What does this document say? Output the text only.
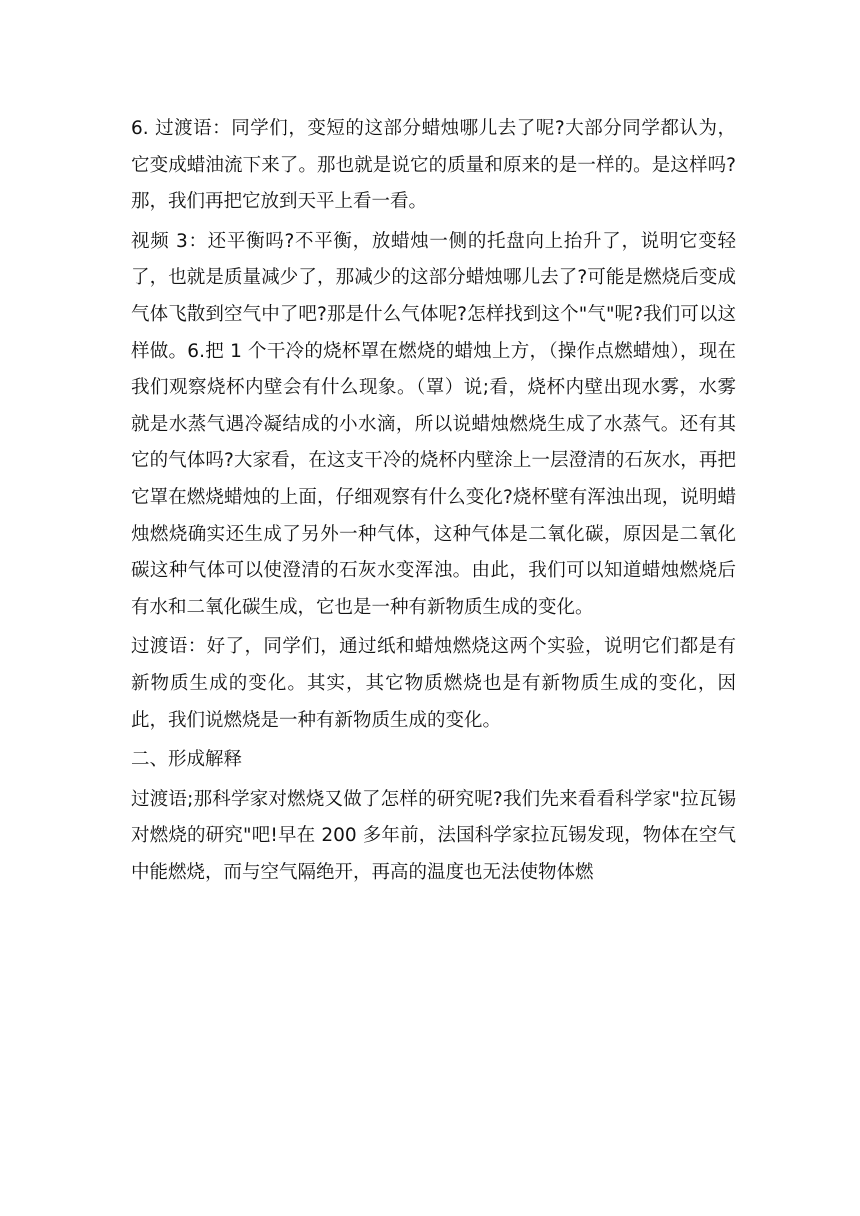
6. 过渡语：同学们，变短的这部分蜡烛哪儿去了呢?大部分同学都认为，它变成蜡油流下来了。那也就是说它的质量和原来的是一样的。是这样吗?那，我们再把它放到天平上看一看。

视频 3：还平衡吗?不平衡，放蜡烛一侧的托盘向上抬升了，说明它变轻了，也就是质量减少了，那减少的这部分蜡烛哪儿去了?可能是燃烧后变成气体飞散到空气中了吧?那是什么气体呢?怎样找到这个"气"呢?我们可以这样做。6.把 1 个干冷的烧杯罩在燃烧的蜡烛上方，（操作点燃蜡烛），现在我们观察烧杯内壁会有什么现象。（罩）说;看，烧杯内壁出现水雾，水雾就是水蒸气遇冷凝结成的小水滴，所以说蜡烛燃烧生成了水蒸气。还有其它的气体吗?大家看，在这支干冷的烧杯内壁涂上一层澄清的石灰水，再把它罩在燃烧蜡烛的上面，仔细观察有什么变化?烧杯壁有浑浊出现，说明蜡烛燃烧确实还生成了另外一种气体，这种气体是二氧化碳，原因是二氧化碳这种气体可以使澄清的石灰水变浑浊。由此，我们可以知道蜡烛燃烧后有水和二氧化碳生成，它也是一种有新物质生成的变化。

过渡语：好了，同学们，通过纸和蜡烛燃烧这两个实验，说明它们都是有新物质生成的变化。其实，其它物质燃烧也是有新物质生成的变化，因此，我们说燃烧是一种有新物质生成的变化。

二、形成解释

过渡语;那科学家对燃烧又做了怎样的研究呢?我们先来看看科学家"拉瓦锡对燃烧的研究"吧!早在 200 多年前，法国科学家拉瓦锡发现，物体在空气中能燃烧，而与空气隔绝开，再高的温度也无法使物体燃
